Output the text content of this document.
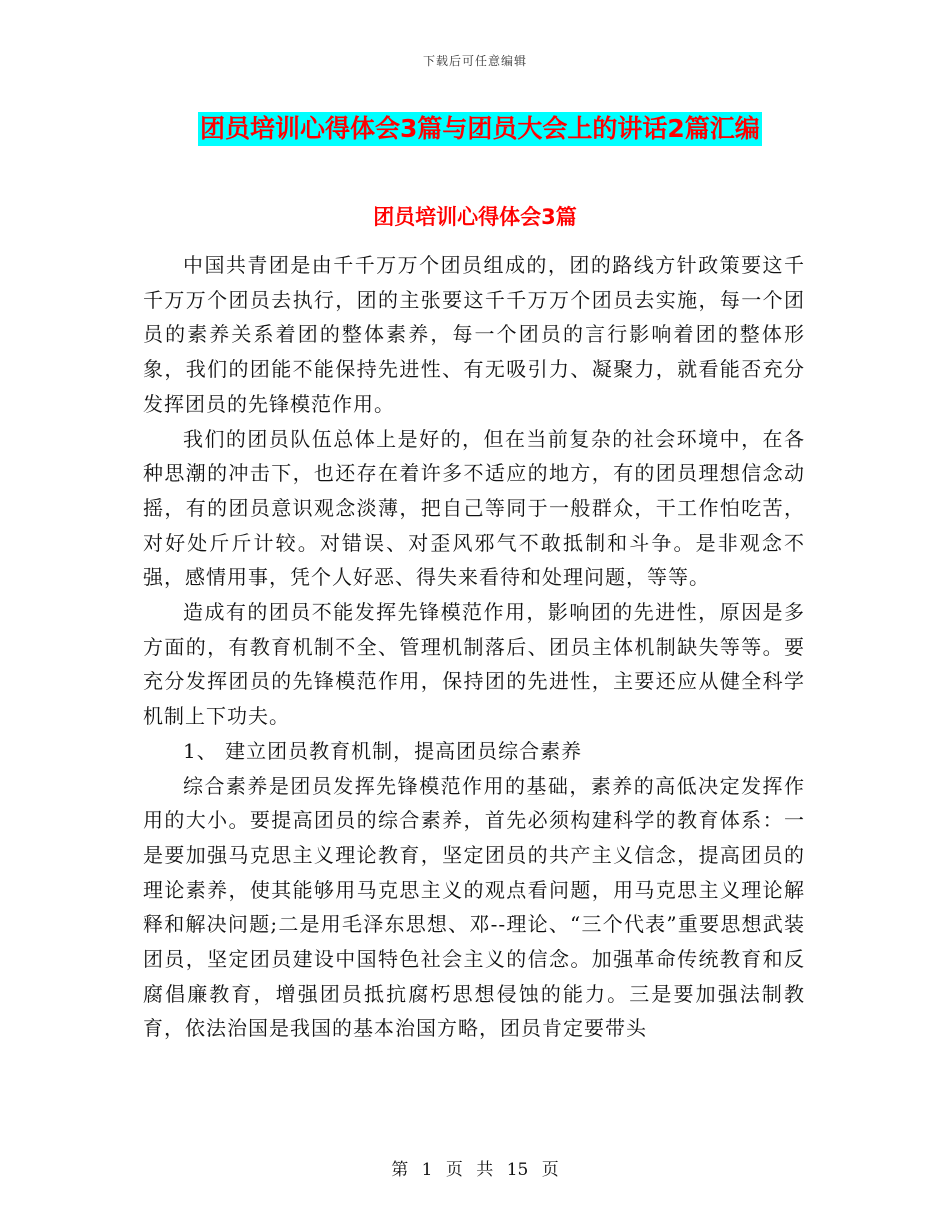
下载后可任意编辑
团员培训心得体会3篇与团员大会上的讲话2篇汇编
团员培训心得体会3篇

中国共青团是由千千万万个团员组成的，团的路线方针政策要这千千万万个团员去执行，团的主张要这千千万万个团员去实施，每一个团员的素养关系着团的整体素养，每一个团员的言行影响着团的整体形象，我们的团能不能保持先进性、有无吸引力、凝聚力，就看能否充分发挥团员的先锋模范作用。

我们的团员队伍总体上是好的，但在当前复杂的社会环境中，在各种思潮的冲击下，也还存在着许多不适应的地方，有的团员理想信念动摇，有的团员意识观念淡薄，把自己等同于一般群众，干工作怕吃苦，对好处斤斤计较。对错误、对歪风邪气不敢抵制和斗争。是非观念不强，感情用事，凭个人好恶、得失来看待和处理问题，等等。

造成有的团员不能发挥先锋模范作用，影响团的先进性，原因是多方面的，有教育机制不全、管理机制落后、团员主体机制缺失等等。要充分发挥团员的先锋模范作用，保持团的先进性，主要还应从健全科学机制上下功夫。

1、 建立团员教育机制，提高团员综合素养

综合素养是团员发挥先锋模范作用的基础，素养的高低决定发挥作用的大小。要提高团员的综合素养，首先必须构建科学的教育体系：一是要加强马克思主义理论教育，坚定团员的共产主义信念，提高团员的理论素养，使其能够用马克思主义的观点看问题，用马克思主义理论解释和解决问题;二是用毛泽东思想、邓--理论、“三个代表”重要思想武装团员，坚定团员建设中国特色社会主义的信念。加强革命传统教育和反腐倡廉教育，增强团员抵抗腐朽思想侵蚀的能力。三是要加强法制教育，依法治国是我国的基本治国方略，团员肯定要带头

第 1 页 共 15 页
